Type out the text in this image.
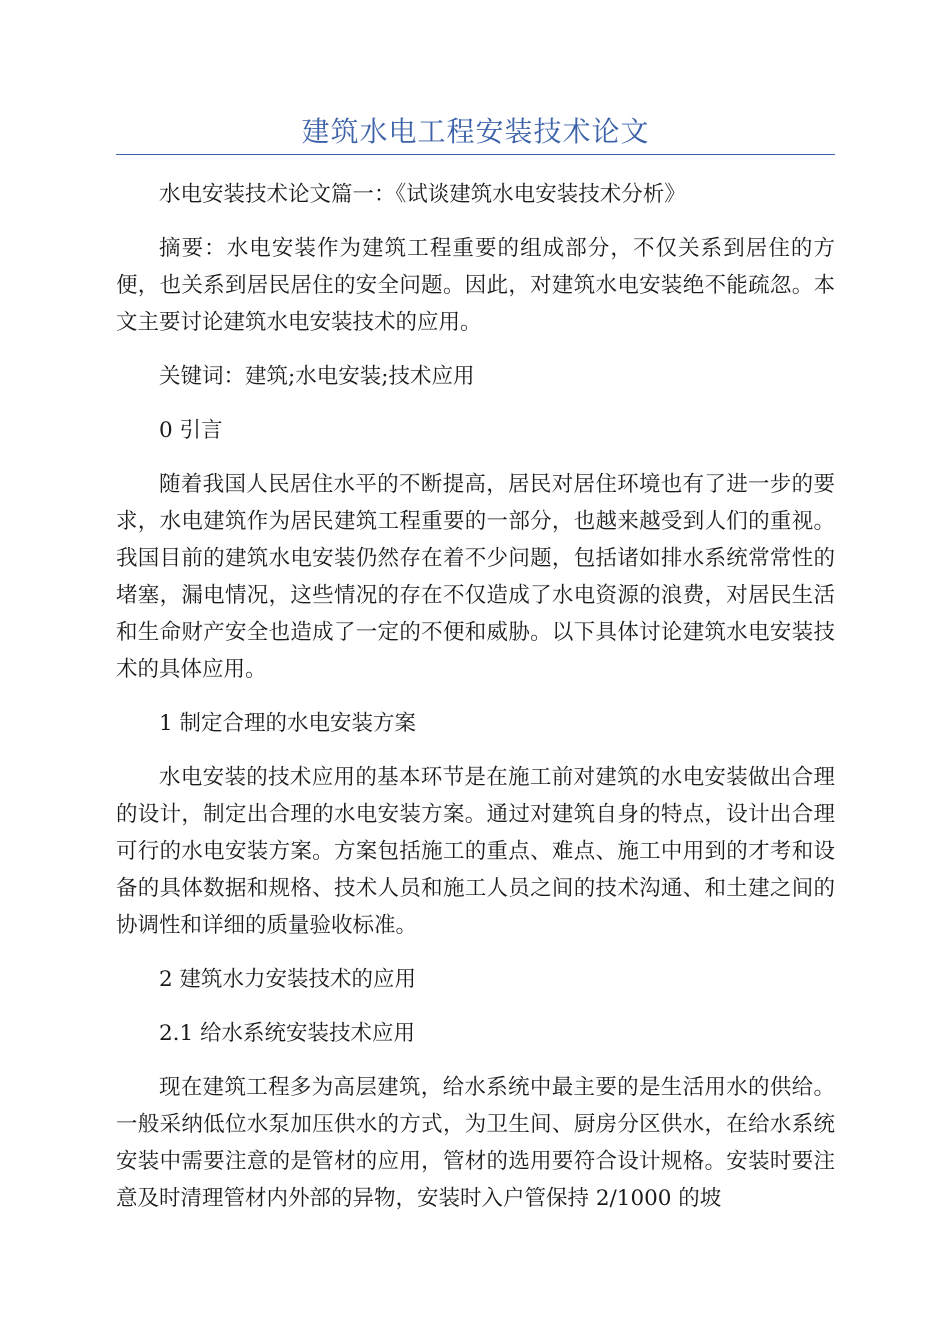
建筑水电工程安装技术论文

水电安装技术论文篇一：《试谈建筑水电安装技术分析》

摘要：水电安装作为建筑工程重要的组成部分，不仅关系到居住的方便，也关系到居民居住的安全问题。因此，对建筑水电安装绝不能疏忽。本文主要讨论建筑水电安装技术的应用。

关键词：建筑;水电安装;技术应用

0 引言

随着我国人民居住水平的不断提高，居民对居住环境也有了进一步的要求，水电建筑作为居民建筑工程重要的一部分，也越来越受到人们的重视。我国目前的建筑水电安装仍然存在着不少问题，包括诸如排水系统常常性的堵塞，漏电情况，这些情况的存在不仅造成了水电资源的浪费，对居民生活和生命财产安全也造成了一定的不便和威胁。以下具体讨论建筑水电安装技术的具体应用。

1 制定合理的水电安装方案

水电安装的技术应用的基本环节是在施工前对建筑的水电安装做出合理的设计，制定出合理的水电安装方案。通过对建筑自身的特点，设计出合理可行的水电安装方案。方案包括施工的重点、难点、施工中用到的才考和设备的具体数据和规格、技术人员和施工人员之间的技术沟通、和土建之间的协调性和详细的质量验收标准。

2 建筑水力安装技术的应用

2.1 给水系统安装技术应用

现在建筑工程多为高层建筑，给水系统中最主要的是生活用水的供给。一般采纳低位水泵加压供水的方式，为卫生间、厨房分区供水，在给水系统安装中需要注意的是管材的应用，管材的选用要符合设计规格。安装时要注意及时清理管材内外部的异物，安装时入户管保持 2/1000 的坡
